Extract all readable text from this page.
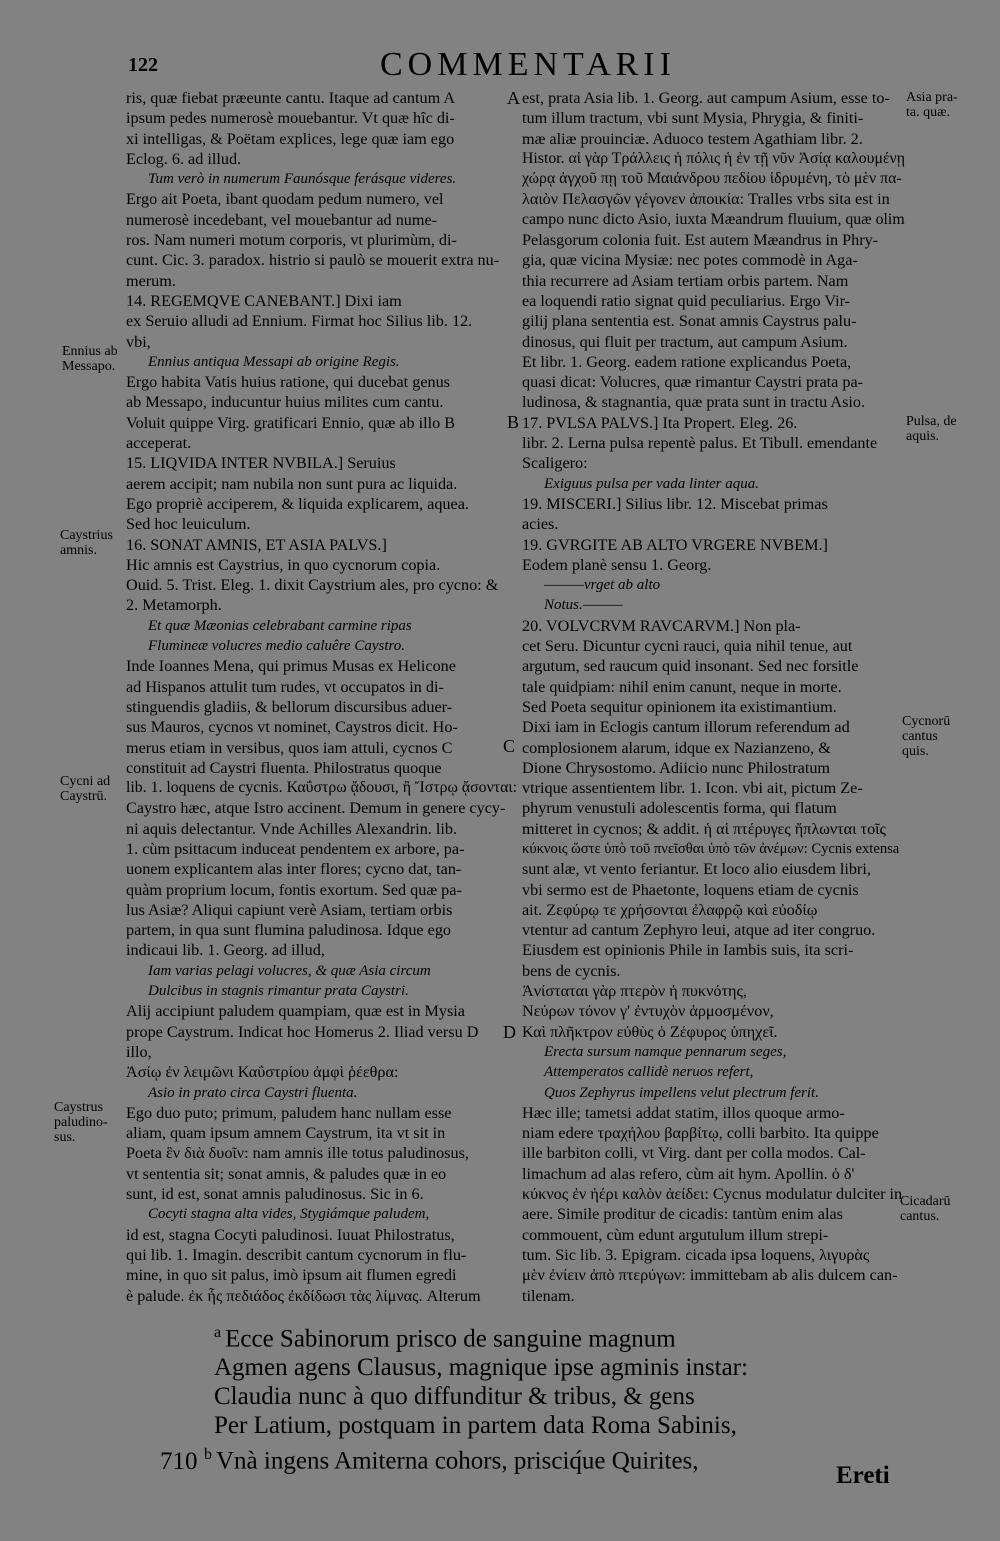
122	COMMENTARII

ris, quæ fiebat præeunte cantu. Itaque ad cantum A

ipsum pedes numerosè mouebantur. Vt quæ hîc di-

xi intelligas, & Poëtam explices, lege quæ iam ego

Eclog. 6. ad illud.

Tum verò in numerum Faunósque ferásque videres.

Ergo ait Poeta, ibant quodam pedum numero, vel

numerosè incedebant, vel mouebantur ad nume-

ros. Nam numeri motum corporis, vt plurimùm, di-

cunt. Cic. 3. paradox. histrio si paulò se mouerit extra nu-

merum.

14. REGEMQVE CANEBANT.] Dixi iam

ex Seruio alludi ad Ennium. Firmat hoc Silius lib. 12.

vbi,

Ennius antiqua Messapi ab origine Regis.

Ergo habita Vatis huius ratione, qui ducebat genus

ab Messapo, inducuntur huius milites cum cantu.

Voluit quippe Virg. gratificari Ennio, quæ ab illo B

acceperat.

15. LIQVIDA INTER NVBILA.] Seruius

aerem accipit; nam nubila non sunt pura ac liquida.

Ego propriè acciperem, & liquida explicarem, aquea.

Sed hoc leuiculum.

16. SONAT AMNIS, ET ASIA PALVS.]

Hic amnis est Caystrius, in quo cycnorum copia.

Ouid. 5. Trist. Eleg. 1. dixit Caystrium ales, pro cycno: &

2. Metamorph.

Et quæ Mæonias celebrabant carmine ripas

Flumineæ volucres medio caluêre Caystro.

Inde Ioannes Mena, qui primus Musas ex Helicone

ad Hispanos attulit tum rudes, vt occupatos in di-

stinguendis gladiis, & bellorum discursibus aduer-

sus Mauros, cycnos vt nominet, Caystros dicit. Ho-

merus etiam in versibus, quos iam attuli, cycnos C

constituit ad Caystri fluenta. Philostratus quoque

lib. 1. loquens de cycnis. Καΰστρω ᾄδουσι, ἢ Ἴστρῳ ᾄσονται:

Caystro hæc, atque Istro accinent. Demum in genere cycy-

ni aquis delectantur. Vnde Achilles Alexandrin. lib.

1. cùm psittacum induceat pendentem ex arbore, pa-

uonem explicantem alas inter flores; cycno dat, tan-

quàm proprium locum, fontis exortum. Sed quæ pa-

lus Asiæ? Aliqui capiunt verè Asiam, tertiam orbis

partem, in qua sunt flumina paludinosa. Idque ego

indicaui lib. 1. Georg. ad illud,

Iam varias pelagi volucres, & quæ Asia circum

Dulcibus in stagnis rimantur prata Caystri.

Alij accipiunt paludem quampiam, quæ est in Mysia

prope Caystrum. Indicat hoc Homerus 2. Iliad versu D

illo,

Ἀσίῳ ἐν λειμῶνι Καΰστρίου ἀμφὶ ῥέεθρα:

Asio in prato circa Caystri fluenta.

Ego duo puto; primum, paludem hanc nullam esse

aliam, quam ipsum amnem Caystrum, ita vt sit in

Poeta ἓν διὰ δυοῖν: nam amnis ille totus paludinosus,

vt sententia sit; sonat amnis, & paludes quæ in eo

sunt, id est, sonat amnis paludinosus. Sic in 6.

Cocyti stagna alta vides, Stygiámque paludem,

id est, stagna Cocyti paludinosi. Iuuat Philostratus,

qui lib. 1. Imagin. describit cantum cycnorum in flu-

mine, in quo sit palus, imò ipsum ait flumen egredi

è palude. ἐκ ἧς πεδιάδος ἐκδίδωσι τὰς λίμνας. Alterum

est, prata Asia lib. 1. Georg. aut campum Asium, esse to-

tum illum tractum, vbi sunt Mysia, Phrygia, & finiti-

mæ aliæ prouinciæ. Aduoco testem Agathiam libr. 2.

Histor. αἱ γὰρ Τράλλεις ἡ πόλις ἡ ἐν τῇ νῦν Ἀσίᾳ καλουμένῃ

χώρᾳ ἀγχοῦ πῃ τοῦ Μαιάνδρου πεδίου ἱδρυμένη, τὸ μὲν πα-

λαιὸν Πελασγῶν γέγονεν ἀποικία: Tralles vrbs sita est in

campo nunc dicto Asio, iuxta Mæandrum fluuium, quæ olim

Pelasgorum colonia fuit. Est autem Mæandrus in Phry-

gia, quæ vicina Mysiæ: nec potes commodè in Aga-

thia recurrere ad Asiam tertiam orbis partem. Nam

ea loquendi ratio signat quid peculiarius. Ergo Vir-

gilij plana sententia est. Sonat amnis Caystrus palu-

dinosus, qui fluit per tractum, aut campum Asium.

Et libr. 1. Georg. eadem ratione explicandus Poeta,

quasi dicat: Volucres, quæ rimantur Caystri prata pa-

ludinosa, & stagnantia, quæ prata sunt in tractu Asio.

17. PVLSA PALVS.] Ita Propert. Eleg. 26.

libr. 2. Lerna pulsa repentè palus. Et Tibull. emendante

Scaligero:

Exiguus pulsa per vada linter aqua.

19. MISCERI.] Silius libr. 12. Miscebat primas

acies.

19. GVRGITE AB ALTO VRGERE NVBEM.]

Eodem planè sensu 1. Georg.

———vrget ab alto

Notus.———

20. VOLVCRVM RAVCARVM.] Non pla-

cet Seru. Dicuntur cycni rauci, quia nihil tenue, aut

argutum, sed raucum quid insonant. Sed nec forsitle

tale quidpiam: nihil enim canunt, neque in morte.

Sed Poeta sequitur opinionem ita existimantium.

Dixi iam in Eclogis cantum illorum referendum ad

complosionem alarum, idque ex Nazianzeno, &

Dione Chrysostomo. Adiicio nunc Philostratum

vtrique assentientem libr. 1. Icon. vbi ait, pictum Ze-

phyrum venustuli adolescentis forma, qui flatum

mitteret in cycnos; & addit. ἡ αἱ πτέρυγες ἤπλωνται τοῖς

κύκνοις ὥστε ὑπὸ τοῦ πνεῖσθαι ὑπὸ τῶν ἀνέμων: Cycnis extensa

sunt alæ, vt vento feriantur. Et loco alio eiusdem libri,

vbi sermo est de Phaetonte, loquens etiam de cycnis

ait. Ζεφύρῳ τε χρήσονται ἐλαφρῷ καὶ εὐοδίῳ

vtentur ad cantum Zephyro leui, atque ad iter congruo.

Eiusdem est opinionis Phile in Iambis suis, ita scri-

bens de cycnis.

Ἀνίσταται γὰρ πτερὸν ἡ πυκνότης,

Νεύρων τόνον γ' ἐντυχὸν ἁρμοσμένον,

Καὶ πλῆκτρον εὐθὺς ὁ Ζέφυρος ὑπηχεῖ.

Erecta sursum namque pennarum seges,

Attemperatos callidè neruos refert,

Quos Zephyrus impellens velut plectrum ferit.

Hæc ille; tametsi addat statim, illos quoque armo-

niam edere τραχήλου βαρβίτῳ, colli barbito. Ita quippe

ille barbiton colli, vt Virg. dant per colla modos. Cal-

limachum ad alas refero, cùm ait hym. Apollin. ὁ δ'

κύκνος ἐν ἠέρι καλὸν ἀείδει: Cycnus modulatur dulciter in

aere. Simile proditur de cicadis: tantùm enim alas

commouent, cùm edunt argutulum illum strepi-

tum. Sic lib. 3. Epigram. cicada ipsa loquens, λιγυρὰς

μὲν ἐνίειν ἀπὸ πτερύγων: immittebam ab alis dulcem can-

tilenam.

Ennius ab

Messapo.

Caystrius

amnis.

Cycni ad

Caystrū.

Caystrus

paludino-

sus.

Asia pra-

ta. quæ.

Pulsa, de

aquis.

Cycnorū

cantus

quis.

Cicadarū

cantus.

A
B
C
D

$^a$ Ecce Sabinorum prisco de sanguine magnum

Agmen agens Clausus, magnique ipse agminis instar:

Claudia nunc à quo diffunditur & tribus, & gens

Per Latium, postquam in partem data Roma Sabinis,

710 $^b$ Vnà ingens Amiterna cohors, prisciq́ue Quirites,

Ereti
